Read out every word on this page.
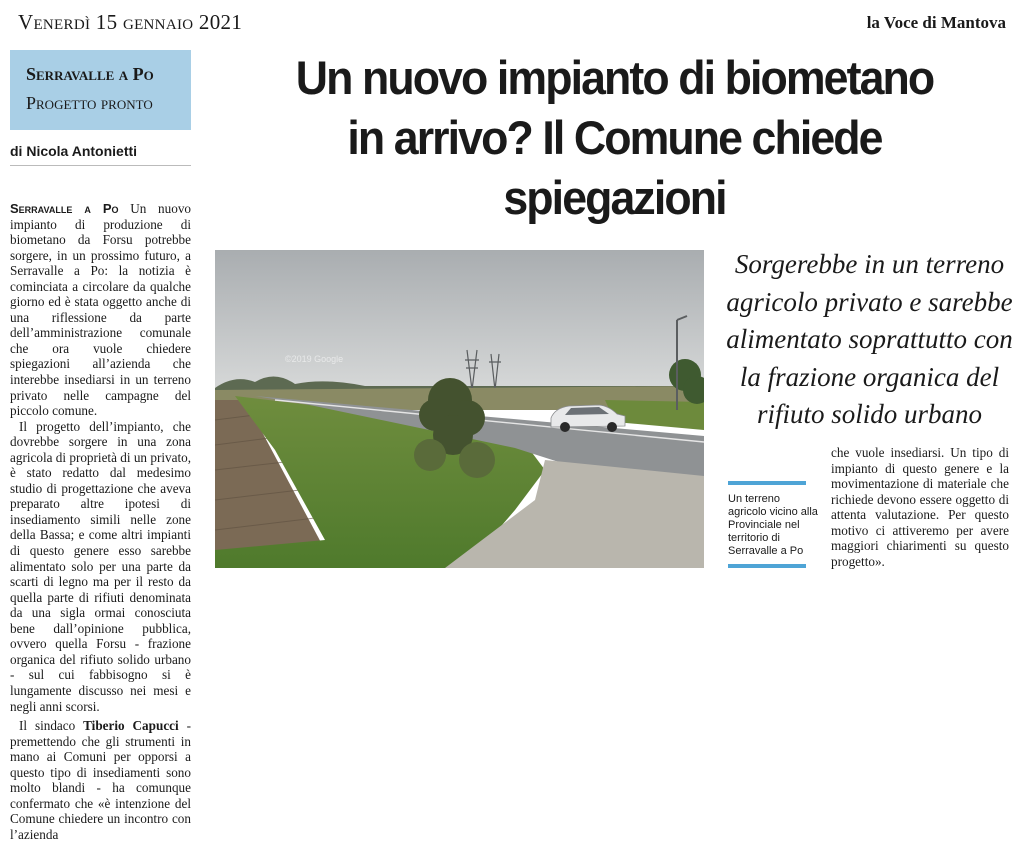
Venerdì 15 gennaio 2021	la Voce di Mantova
Serravalle a Po
Progetto pronto
di Nicola Antonietti
Un nuovo impianto di biometano
in arrivo? Il Comune chiede spiegazioni

Serravalle a Po Un nuovo impianto di produzione di biometano da Forsu potrebbe sorgere, in un prossimo futuro, a Serravalle a Po: la notizia è cominciata a circolare da qualche giorno ed è stata oggetto anche di una riflessione da parte dell’amministrazione comunale che ora vuole chiedere spiegazioni all’azienda che interebbe insediarsi in un terreno privato nelle campagne del piccolo comune.

Il progetto dell’impianto, che dovrebbe sorgere in una zona agricola di proprietà di un privato, è stato redatto dal medesimo studio di progettazione che aveva preparato altre ipotesi di insediamento simili nelle zone della Bassa; e come altri impianti di questo genere esso sarebbe alimentato solo per una parte da scarti di legno ma per il resto da quella parte di rifiuti denominata da una sigla ormai conosciuta bene dall’opinione pubblica, ovvero quella Forsu - frazione organica del rifiuto solido urbano - sul cui fabbisogno si è lungamente discusso nei mesi e negli anni scorsi.

Il sindaco Tiberio Capucci - premettendo che gli strumenti in mano ai Comuni per opporsi a questo tipo di insediamenti sono molto blandi - ha comunque confermato che «è intenzione del Comune chiedere un incontro con l’azienda

©2019 Google
Sorgerebbe in un terreno agricolo privato e sarebbe alimentato soprattutto con la frazione organica del rifiuto solido urbano
Un terreno agricolo vicino alla Provinciale nel territorio di Serravalle a Po

che vuole insediarsi. Un tipo di impianto di questo genere e la movimentazione di materiale che richiede devono essere oggetto di attenta valutazione. Per questo motivo ci attiveremo per avere maggiori chiarimenti su questo progetto».
